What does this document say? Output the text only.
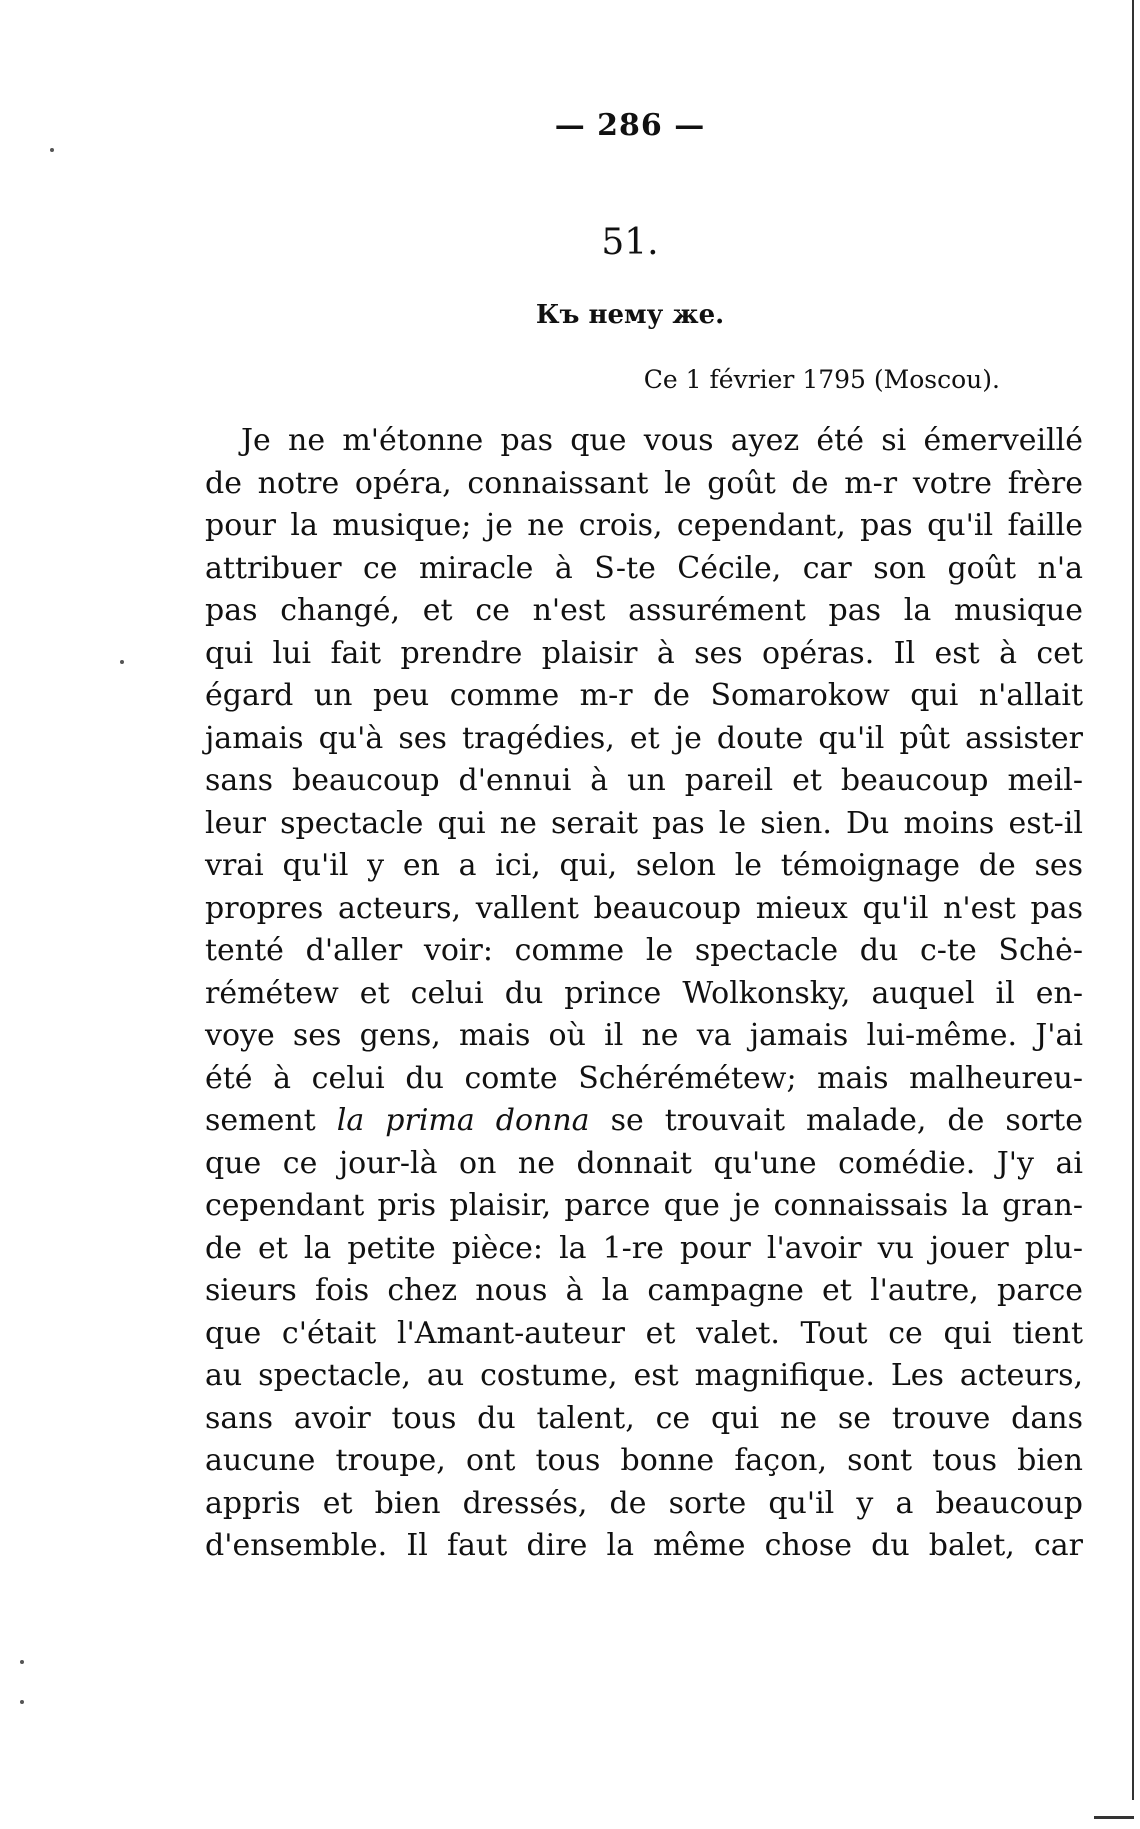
— 286 —
51.
Къ нему же.
Ce 1 février 1795 (Moscou).
Je ne m'étonne pas que vous ayez été si émerveillé
de notre opéra, connaissant le goût de m-r votre frère
pour la musique; je ne crois, cependant, pas qu'il faille
attribuer ce miracle à S-te Cécile, car son goût n'a
pas changé, et ce n'est assurément pas la musique
qui lui fait prendre plaisir à ses opéras. Il est à cet
égard un peu comme m-r de Somarokow qui n'allait
jamais qu'à ses tragédies, et je doute qu'il pût assister
sans beaucoup d'ennui à un pareil et beaucoup meil-
leur spectacle qui ne serait pas le sien. Du moins est-il
vrai qu'il y en a ici, qui, selon le témoignage de ses
propres acteurs, vallent beaucoup mieux qu'il n'est pas
tenté d'aller voir: comme le spectacle du c-te Schė-
rémétew et celui du prince Wolkonsky, auquel il en-
voye ses gens, mais où il ne va jamais lui-même. J'ai
été à celui du comte Schérémétew; mais malheureu-
sement la prima donna se trouvait malade, de sorte
que ce jour-là on ne donnait qu'une comédie. J'y ai
cependant pris plaisir, parce que je connaissais la gran-
de et la petite pièce: la 1-re pour l'avoir vu jouer plu-
sieurs fois chez nous à la campagne et l'autre, parce
que c'était l'Amant-auteur et valet. Tout ce qui tient
au spectacle, au costume, est magnifique. Les acteurs,
sans avoir tous du talent, ce qui ne se trouve dans
aucune troupe, ont tous bonne façon, sont tous bien
appris et bien dressés, de sorte qu'il y a beaucoup
d'ensemble. Il faut dire la même chose du balet, car
